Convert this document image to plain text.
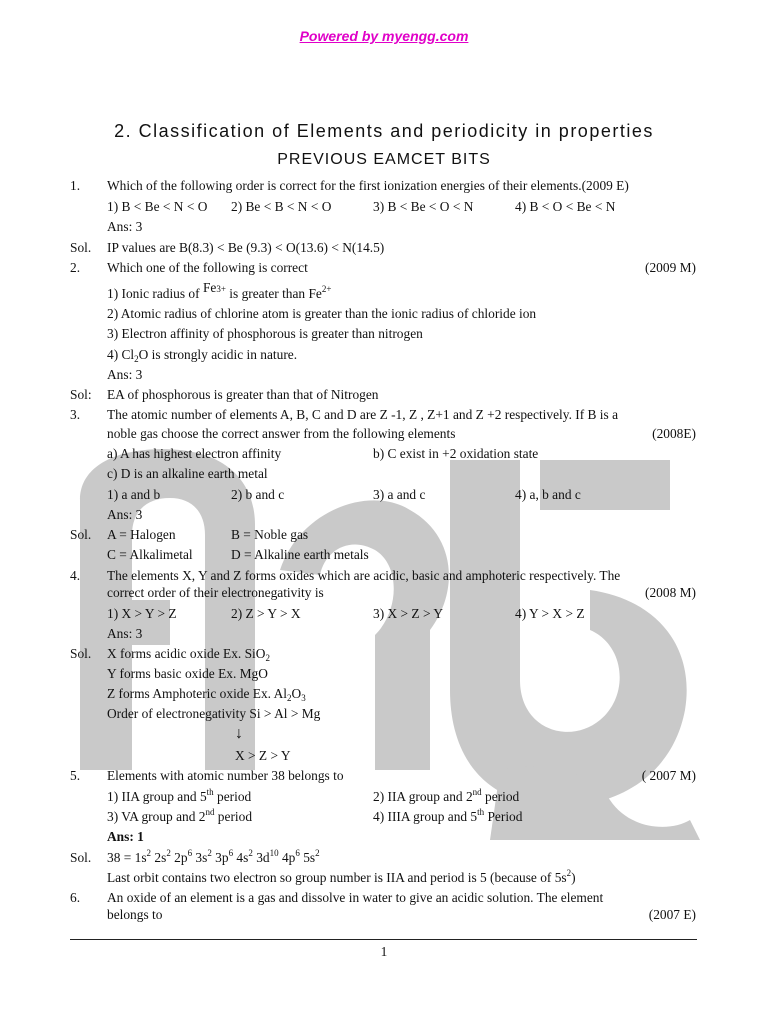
Powered by myengg.com
2. Classification of Elements and periodicity in properties
PREVIOUS EAMCET BITS
1. Which of the following order is correct for the first ionization energies of their elements.(2009 E)
1) B < Be < N < O 2) Be < B < N < O	3) B < Be < O < N	4) B < O < Be < N
Ans: 3
Sol. IP values are B(8.3) < Be (9.3) < O(13.6) < N(14.5)
2. Which one of the following is correct	(2009 M)
1) Ionic radius of $Fe^{3+}$ is greater than $Fe^{2+}$
2) Atomic radius of chlorine atom is greater than the ionic radius of chloride ion
3) Electron affinity of phosphorous is greater than nitrogen
4) $Cl_2O$ is strongly acidic in nature.
Ans: 3
Sol: EA of phosphorous is greater than that of Nitrogen
3. The atomic number of elements A, B, C and D are Z -1, Z , Z+1 and Z +2 respectively. If B is a
noble gas choose the correct answer from the following elements	(2008E)
a) A has highest electron affinity	b) C exist in +2 oxidation state
c) D is an alkaline earth metal
1) a and b	2) b and c	3) a and c	4) a, b and c
Ans: 3
Sol. A = Halogen	B = Noble gas
C = Alkalimetal	D = Alkaline earth metals
4. The elements X, Y and Z forms oxides which are acidic, basic and amphoteric respectively. The
correct order of their electronegativity is	(2008 M)
1) X > Y > Z	2) Z > Y > X	3) X > Z > Y	4) Y > X > Z
Ans: 3
Sol. X forms acidic oxide Ex. SiO$_2$
Y forms basic oxide Ex. MgO
Z forms Amphoteric oxide Ex. $Al_2O_3$
Order of electronegativity Si > Al > Mg
↓
X > Z > Y
5. Elements with atomic number 38 belongs to	( 2007 M)
1) IIA group and 5th period	2) IIA group and 2nd period
3) VA group and 2nd period	4) IIIA group and 5th Period
Ans: 1
Sol. $38 = 1s^2$ $2s^2$ $2p^6$ $3s^2$ $3p^6$ $4s^2$ $3d^{10}$ $4p^6$ $5s^2$
Last orbit contains two electron so group number is IIA and period is 5 (because of $5s^2$)
6. An oxide of an element is a gas and dissolve in water to give an acidic solution. The element
belongs to	(2007 E)
1
